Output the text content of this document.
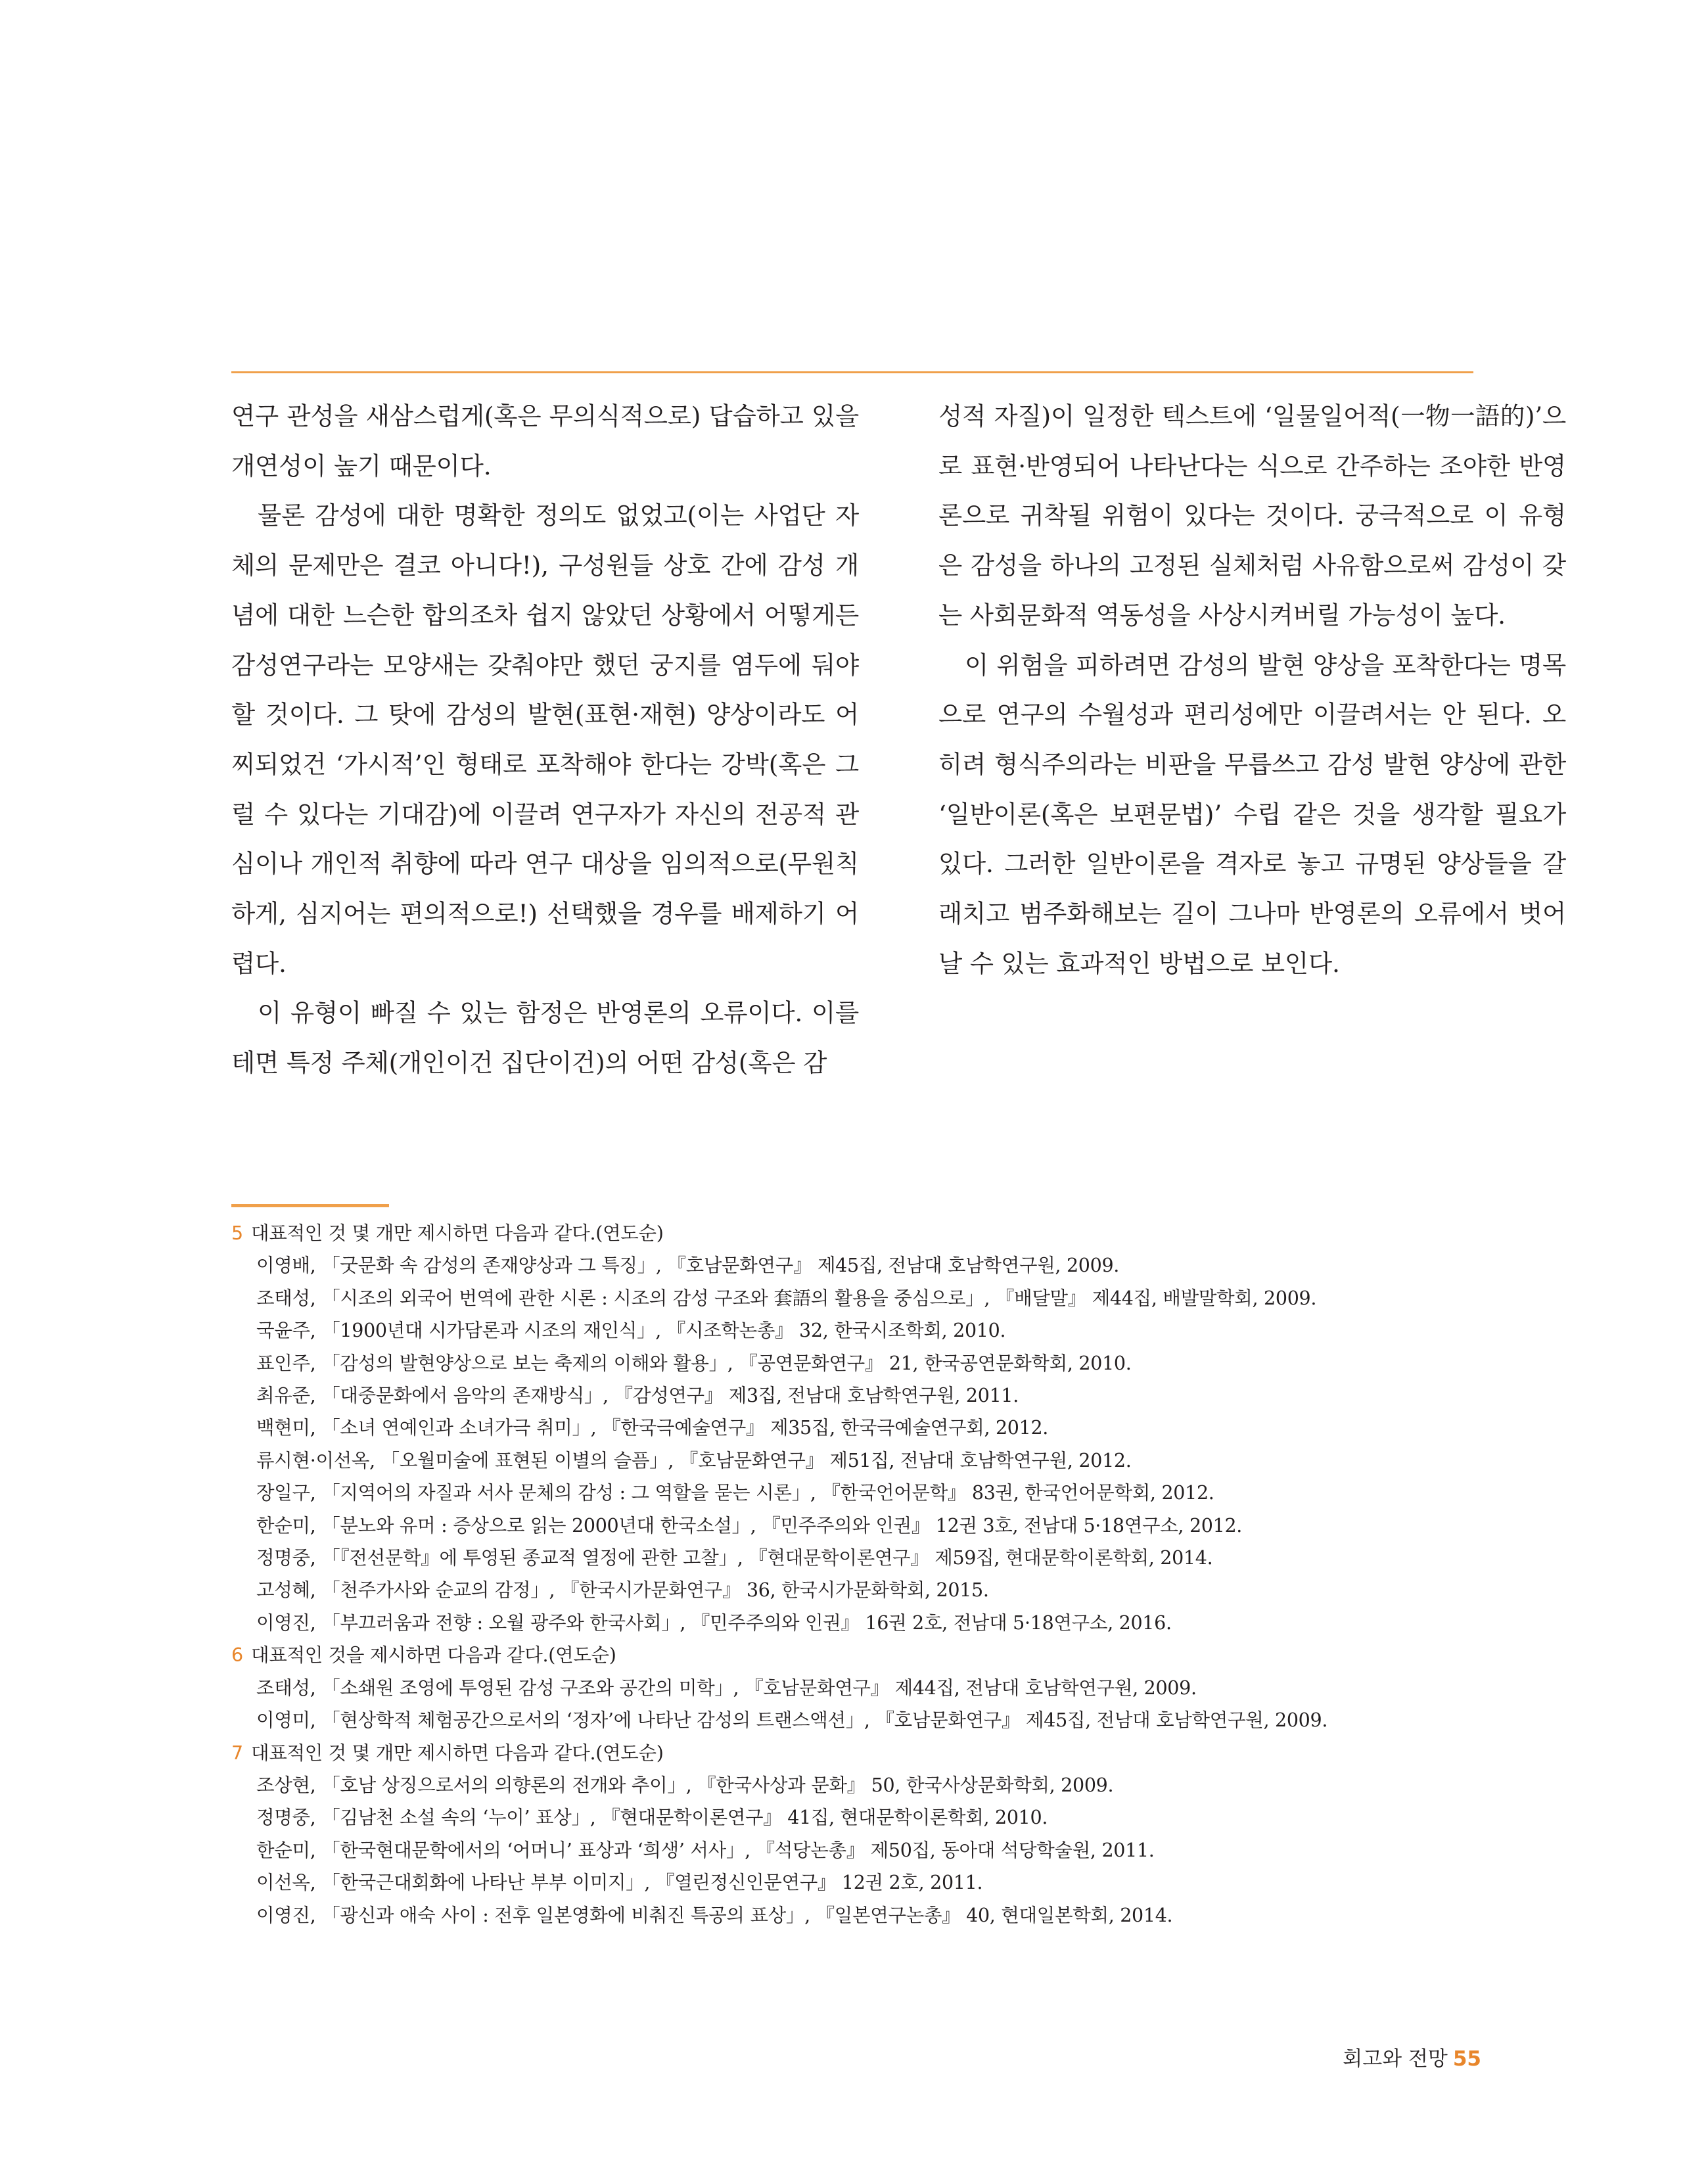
연구 관성을 새삼스럽게(혹은 무의식적으로) 답습하고 있을 개연성이 높기 때문이다.

물론 감성에 대한 명확한 정의도 없었고(이는 사업단 자체의 문제만은 결코 아니다!), 구성원들 상호 간에 감성 개념에 대한 느슨한 합의조차 쉽지 않았던 상황에서 어떻게든 감성연구라는 모양새는 갖춰야만 했던 궁지를 염두에 둬야 할 것이다. 그 탓에 감성의 발현(표현·재현) 양상이라도 어찌되었건 ‘가시적’인 형태로 포착해야 한다는 강박(혹은 그럴 수 있다는 기대감)에 이끌려 연구자가 자신의 전공적 관심이나 개인적 취향에 따라 연구 대상을 임의적으로(무원칙하게, 심지어는 편의적으로!) 선택했을 경우를 배제하기 어렵다.

이 유형이 빠질 수 있는 함정은 반영론의 오류이다. 이를테면 특정 주체(개인이건 집단이건)의 어떤 감성(혹은 감

성적 자질)이 일정한 텍스트에 ‘일물일어적(一物一語的)’으로 표현·반영되어 나타난다는 식으로 간주하는 조야한 반영론으로 귀착될 위험이 있다는 것이다. 궁극적으로 이 유형은 감성을 하나의 고정된 실체처럼 사유함으로써 감성이 갖는 사회문화적 역동성을 사상시켜버릴 가능성이 높다.

이 위험을 피하려면 감성의 발현 양상을 포착한다는 명목으로 연구의 수월성과 편리성에만 이끌려서는 안 된다. 오히려 형식주의라는 비판을 무릅쓰고 감성 발현 양상에 관한 ‘일반이론(혹은 보편문법)’ 수립 같은 것을 생각할 필요가 있다. 그러한 일반이론을 격자로 놓고 규명된 양상들을 갈래치고 범주화해보는 길이 그나마 반영론의 오류에서 벗어날 수 있는 효과적인 방법으로 보인다.

5 대표적인 것 몇 개만 제시하면 다음과 같다.(연도순)

이영배, 「굿문화 속 감성의 존재양상과 그 특징」, 『호남문화연구』 제45집, 전남대 호남학연구원, 2009.

조태성, 「시조의 외국어 번역에 관한 시론 : 시조의 감성 구조와 套語의 활용을 중심으로」, 『배달말』 제44집, 배발말학회, 2009.

국윤주, 「1900년대 시가담론과 시조의 재인식」, 『시조학논총』 32, 한국시조학회, 2010.

표인주, 「감성의 발현양상으로 보는 축제의 이해와 활용」, 『공연문화연구』 21, 한국공연문화학회, 2010.

최유준, 「대중문화에서 음악의 존재방식」, 『감성연구』 제3집, 전남대 호남학연구원, 2011.

백현미, 「소녀 연예인과 소녀가극 취미」, 『한국극예술연구』 제35집, 한국극예술연구회, 2012.

류시현·이선옥, 「오월미술에 표현된 이별의 슬픔」, 『호남문화연구』 제51집, 전남대 호남학연구원, 2012.

장일구, 「지역어의 자질과 서사 문체의 감성 : 그 역할을 묻는 시론」, 『한국언어문학』 83권, 한국언어문학회, 2012.

한순미, 「분노와 유머 : 증상으로 읽는 2000년대 한국소설」, 『민주주의와 인권』 12권 3호, 전남대 5·18연구소, 2012.

정명중, 「『전선문학』에 투영된 종교적 열정에 관한 고찰」, 『현대문학이론연구』 제59집, 현대문학이론학회, 2014.

고성혜, 「천주가사와 순교의 감정」, 『한국시가문화연구』 36, 한국시가문화학회, 2015.

이영진, 「부끄러움과 전향 : 오월 광주와 한국사회」, 『민주주의와 인권』 16권 2호, 전남대 5·18연구소, 2016.

6 대표적인 것을 제시하면 다음과 같다.(연도순)

조태성, 「소쇄원 조영에 투영된 감성 구조와 공간의 미학」, 『호남문화연구』 제44집, 전남대 호남학연구원, 2009.

이영미, 「현상학적 체험공간으로서의 ‘정자’에 나타난 감성의 트랜스액션」, 『호남문화연구』 제45집, 전남대 호남학연구원, 2009.

7 대표적인 것 몇 개만 제시하면 다음과 같다.(연도순)

조상현, 「호남 상징으로서의 의향론의 전개와 추이」, 『한국사상과 문화』 50, 한국사상문화학회, 2009.

정명중, 「김남천 소설 속의 ‘누이’ 표상」, 『현대문학이론연구』 41집, 현대문학이론학회, 2010.

한순미, 「한국현대문학에서의 ‘어머니’ 표상과 ‘희생’ 서사」, 『석당논총』 제50집, 동아대 석당학술원, 2011.

이선옥, 「한국근대회화에 나타난 부부 이미지」, 『열린정신인문연구』 12권 2호, 2011.

이영진, 「광신과 애숙 사이 : 전후 일본영화에 비춰진 특공의 표상」, 『일본연구논총』 40, 현대일본학회, 2014.

회고와 전망 55
